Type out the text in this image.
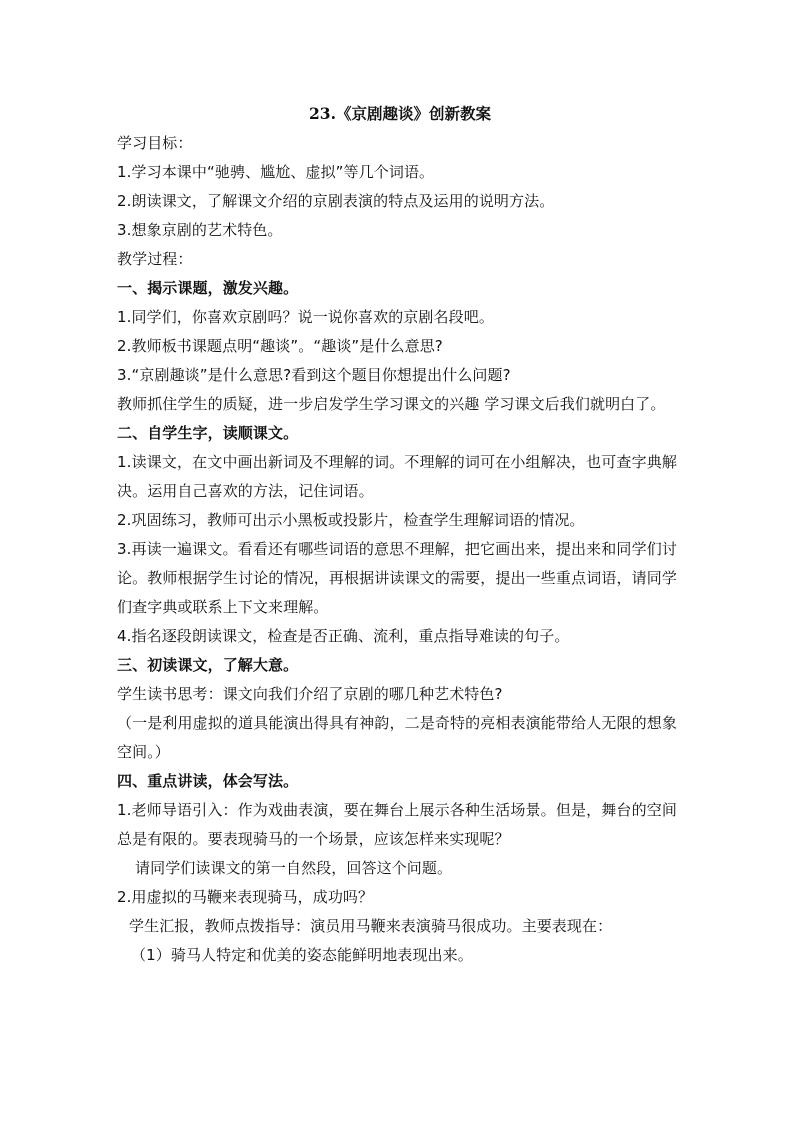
23.《京剧趣谈》创新教案

学习目标：

1.学习本课中“驰骋、尴尬、虚拟”等几个词语。

2.朗读课文，了解课文介绍的京剧表演的特点及运用的说明方法。

3.想象京剧的艺术特色。

教学过程：

一、揭示课题，激发兴趣。

1.同学们，你喜欢京剧吗？说一说你喜欢的京剧名段吧。

2.教师板书课题点明“趣谈”。“趣谈”是什么意思?

3.“京剧趣谈”是什么意思?看到这个题目你想提出什么问题?

教师抓住学生的质疑，进一步启发学生学习课文的兴趣 学习课文后我们就明白了。

二、自学生字，读顺课文。

1.读课文，在文中画出新词及不理解的词。不理解的词可在小组解决，也可查字典解决。运用自己喜欢的方法，记住词语。

2.巩固练习，教师可出示小黑板或投影片，检查学生理解词语的情况。

3.再读一遍课文。看看还有哪些词语的意思不理解，把它画出来，提出来和同学们讨论。教师根据学生讨论的情况，再根据讲读课文的需要，提出一些重点词语，请同学们查字典或联系上下文来理解。

4.指名逐段朗读课文，检查是否正确、流利，重点指导难读的句子。

三、初读课文，了解大意。

学生读书思考：课文向我们介绍了京剧的哪几种艺术特色?

（一是利用虚拟的道具能演出得具有神韵，二是奇特的亮相表演能带给人无限的想象空间。）

四、重点讲读，体会写法。

1.老师导语引入：作为戏曲表演，要在舞台上展示各种生活场景。但是，舞台的空间总是有限的。要表现骑马的一个场景，应该怎样来实现呢？

请同学们读课文的第一自然段，回答这个问题。

2.用虚拟的马鞭来表现骑马，成功吗？

学生汇报，教师点拨指导：演员用马鞭来表演骑马很成功。主要表现在：

（1）骑马人特定和优美的姿态能鲜明地表现出来。
